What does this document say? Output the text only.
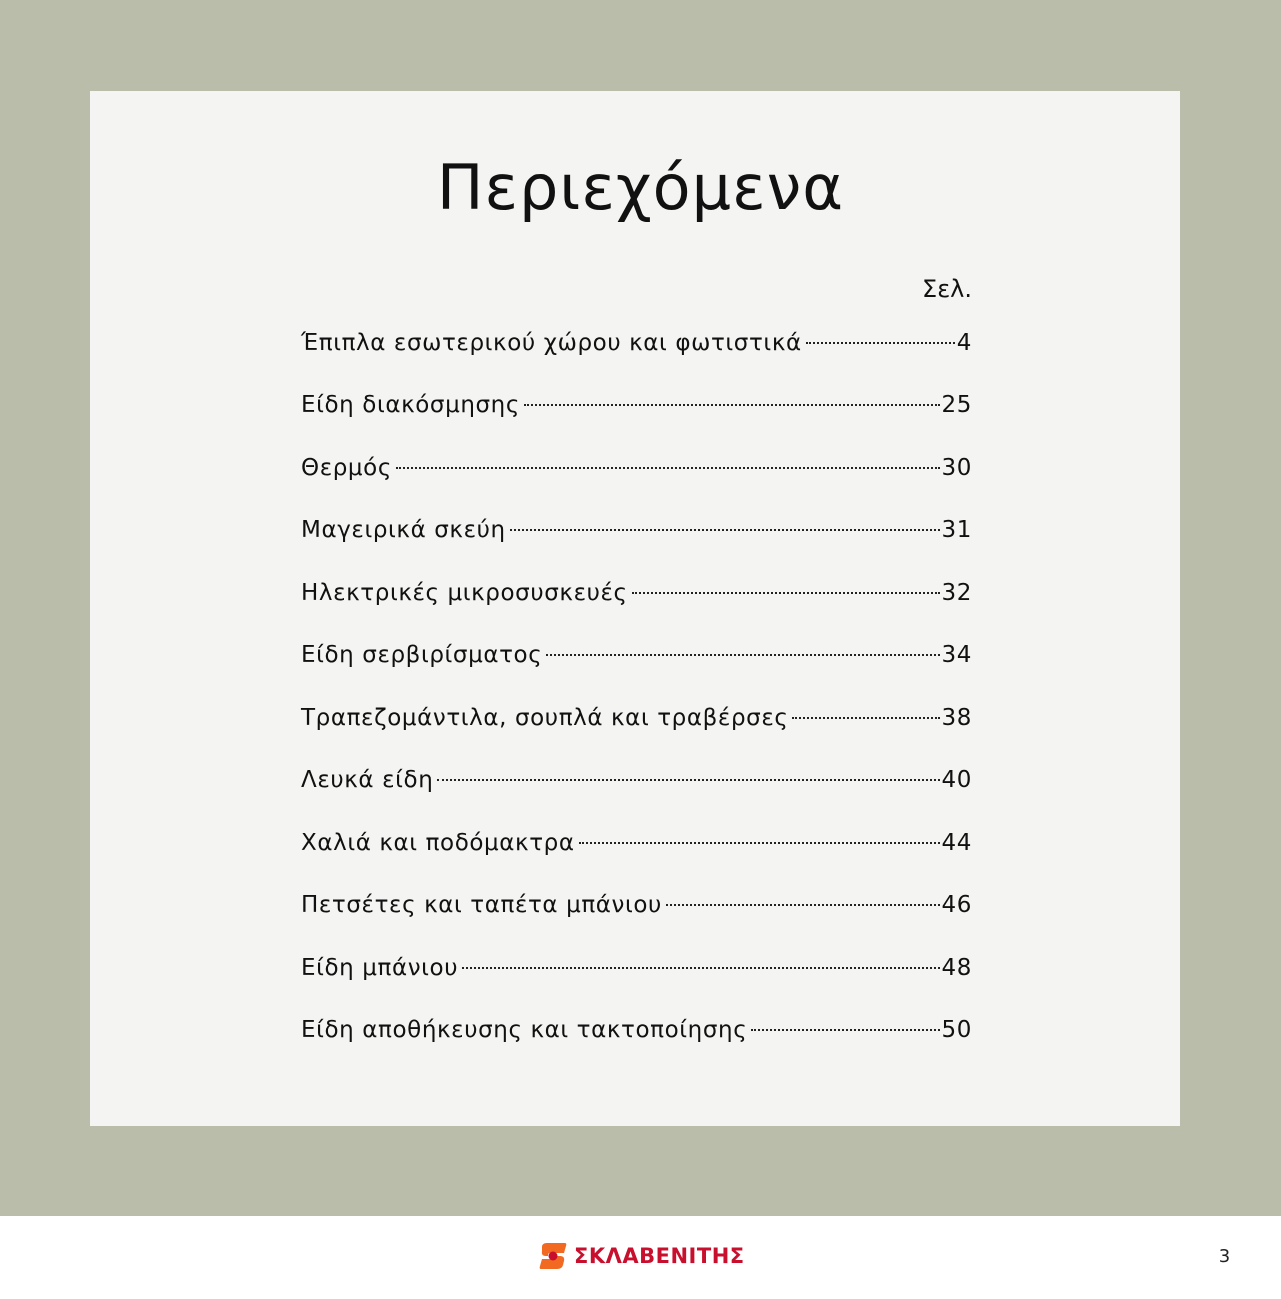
Περιεχόμενα
Σελ.
Έπιπλα εσωτερικού χώρου και φωτιστικά	4
Είδη διακόσμησης	25
Θερμός	30
Μαγειρικά σκεύη	31
Ηλεκτρικές μικροσυσκευές	32
Είδη σερβιρίσματος	34
Τραπεζομάντιλα, σουπλά και τραβέρσες	38
Λευκά είδη	40
Χαλιά και ποδόμακτρα	44
Πετσέτες και ταπέτα μπάνιου	46
Είδη μπάνιου	48
Είδη αποθήκευσης και τακτοποίησης	50
ΣΚΛΑΒΕΝΙΤΗΣ	3
